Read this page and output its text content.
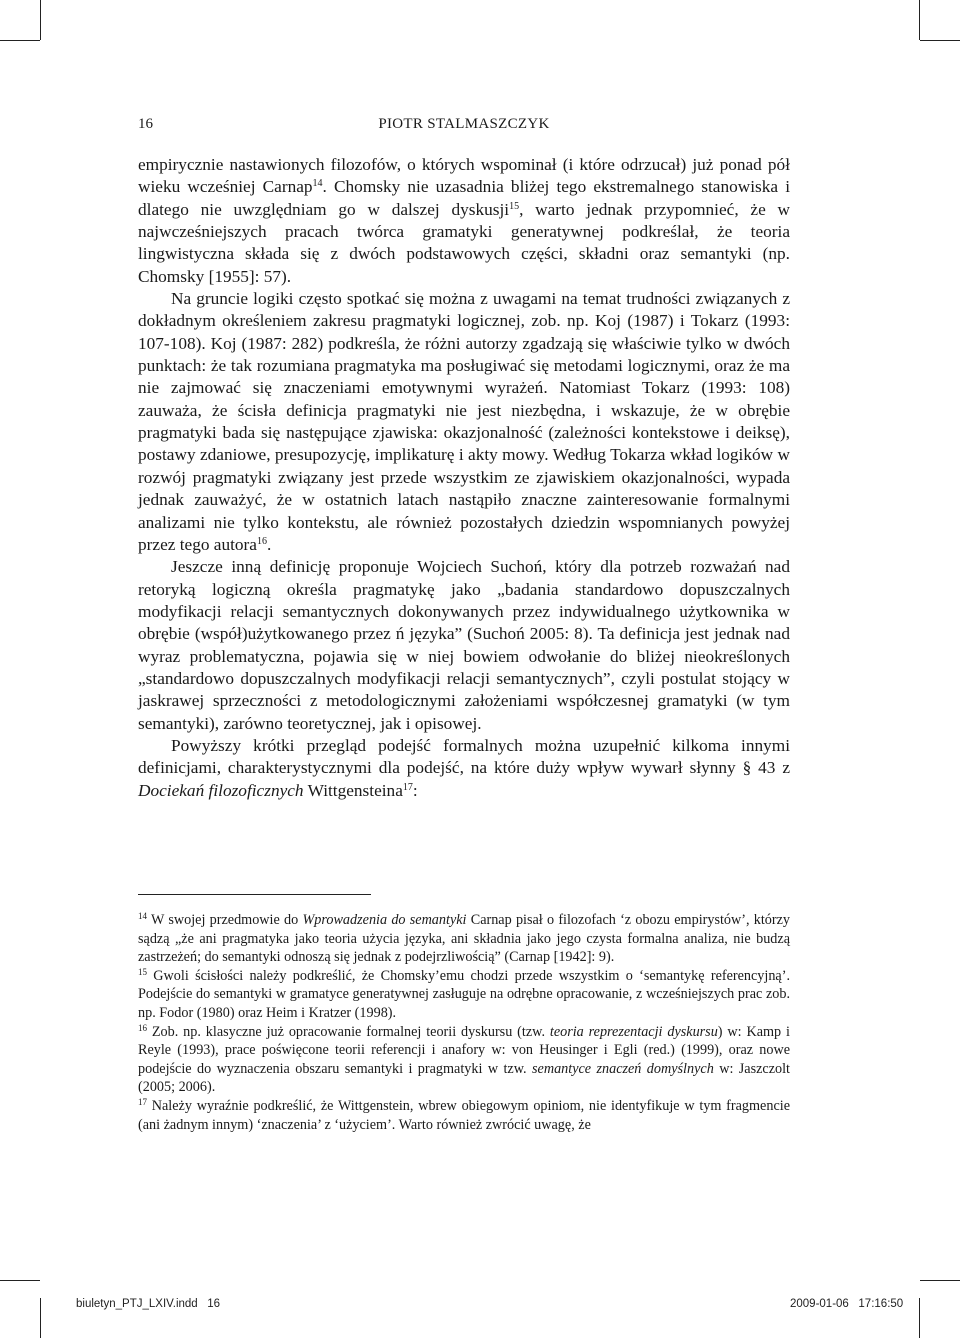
16	PIOTR STALMASZCZYK

empirycznie nastawionych filozofów, o których wspominał (i które odrzucał) już ponad pół wieku wcześniej Carnap$^{14}$. Chomsky nie uzasadnia bliżej tego ekstremalnego stanowiska i dlatego nie uwzględniam go w dalszej dyskusji$^{15}$, warto jednak przypomnieć, że w najwcześniejszych pracach twórca gramatyki generatywnej podkreślał, że teoria lingwistyczna składa się z dwóch podstawowych części, składni oraz semantyki (np. Chomsky [1955]: 57).

Na gruncie logiki często spotkać się można z uwagami na temat trudności związanych z dokładnym określeniem zakresu pragmatyki logicznej, zob. np. Koj (1987) i Tokarz (1993: 107-108). Koj (1987: 282) podkreśla, że różni autorzy zgadzają się właściwie tylko w dwóch punktach: że tak rozumiana pragmatyka ma posługiwać się metodami logicznymi, oraz że ma nie zajmować się znaczeniami emotywnymi wyrażeń. Natomiast Tokarz (1993: 108) zauważa, że ścisła definicja pragmatyki nie jest niezbędna, i wskazuje, że w obrębie pragmatyki bada się następujące zjawiska: okazjonalność (zależności kontekstowe i deiksę), postawy zdaniowe, presupozycję, implikaturę i akty mowy. Według Tokarza wkład logików w rozwój pragmatyki związany jest przede wszystkim ze zjawiskiem okazjonalności, wypada jednak zauważyć, że w ostatnich latach nastąpiło znaczne zainteresowanie formalnymi analizami nie tylko kontekstu, ale również pozostałych dziedzin wspomnianych powyżej przez tego autora$^{16}$.

Jeszcze inną definicję proponuje Wojciech Suchoń, który dla potrzeb rozważań nad retoryką logiczną określa pragmatykę jako „badania standardowo dopuszczalnych modyfikacji relacji semantycznych dokonywanych przez indywidualnego użytkownika w obrębie (współ)użytkowanego przez ń języka” (Suchoń 2005: 8). Ta definicja jest jednak nad wyraz problematyczna, pojawia się w niej bowiem odwołanie do bliżej nieokreślonych „standardowo dopuszczalnych modyfikacji relacji semantycznych”, czyli postulat stojący w jaskrawej sprzeczności z metodologicznymi założeniami współczesnej gramatyki (w tym semantyki), zarówno teoretycznej, jak i opisowej.

Powyższy krótki przegląd podejść formalnych można uzupełnić kilkoma innymi definicjami, charakterystycznymi dla podejść, na które duży wpływ wywarł słynny § 43 z Dociekań filozoficznych Wittgensteina$^{17}$:

$^{14}$ W swojej przedmowie do Wprowadzenia do semantyki Carnap pisał o filozofach ‘z obozu empirystów’, którzy sądzą „że ani pragmatyka jako teoria użycia języka, ani składnia jako jego czysta formalna analiza, nie budzą zastrzeżeń; do semantyki odnoszą się jednak z podejrzliwością” (Carnap [1942]: 9).

$^{15}$ Gwoli ścisłości należy podkreślić, że Chomsky’emu chodzi przede wszystkim o ‘semantykę referencyjną’. Podejście do semantyki w gramatyce generatywnej zasługuje na odrębne opracowanie, z wcześniejszych prac zob. np. Fodor (1980) oraz Heim i Kratzer (1998).

$^{16}$ Zob. np. klasyczne już opracowanie formalnej teorii dyskursu (tzw. teoria reprezentacji dyskursu) w: Kamp i Reyle (1993), prace poświęcone teorii referencji i anafory w: von Heusinger i Egli (red.) (1999), oraz nowe podejście do wyznaczenia obszaru semantyki i pragmatyki w tzw. semantyce znaczeń domyślnych w: Jaszczolt (2005; 2006).

$^{17}$ Należy wyraźnie podkreślić, że Wittgenstein, wbrew obiegowym opiniom, nie identyfikuje w tym fragmencie (ani żadnym innym) ‘znaczenia’ z ‘użyciem’. Warto również zwrócić uwagę, że

biuletyn_PTJ_LXIV.indd   16	2009-01-06   17:16:50
